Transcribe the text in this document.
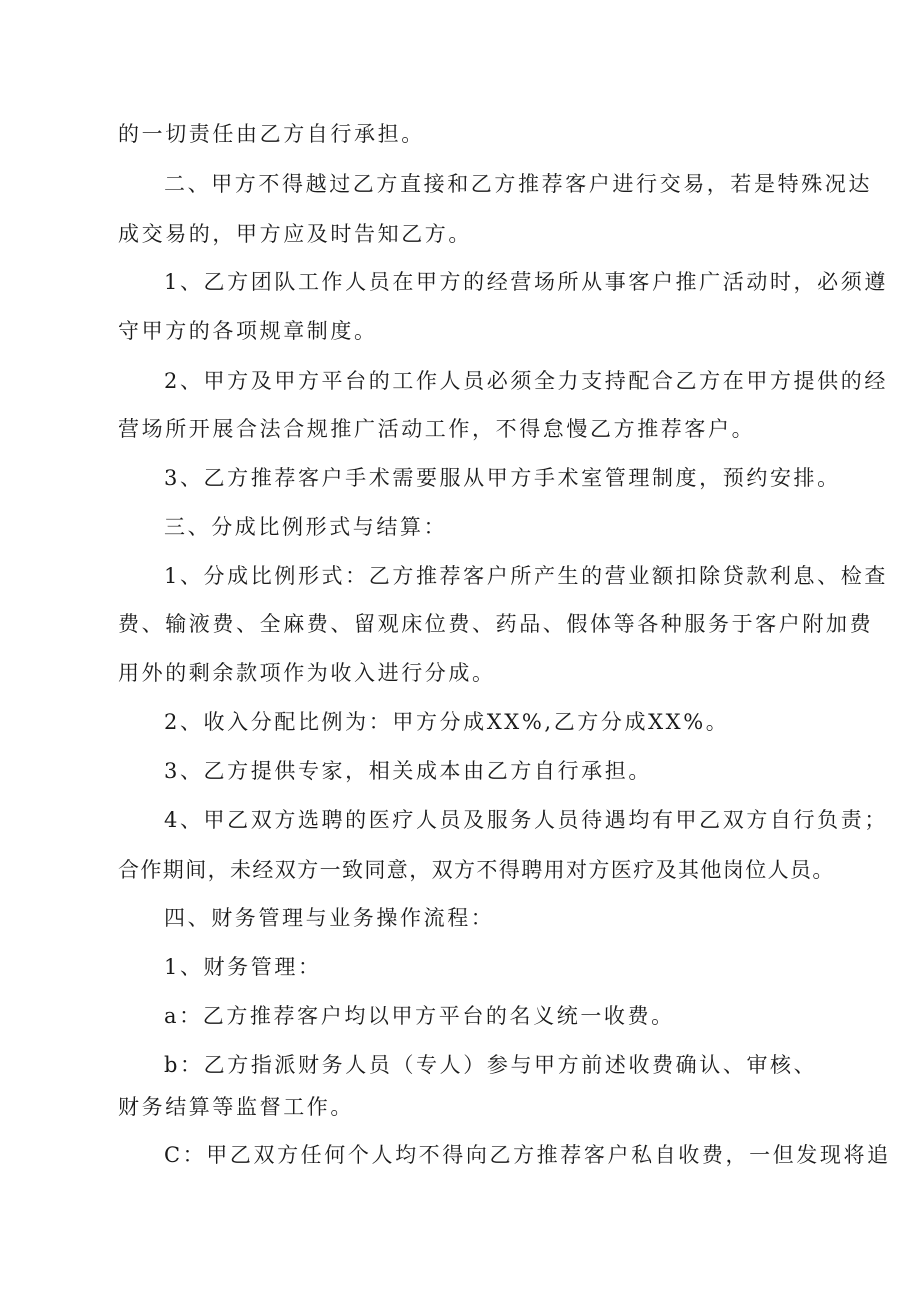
的一切责任由乙方自行承担。
二、甲方不得越过乙方直接和乙方推荐客户进行交易，若是特殊况达
成交易的，甲方应及时告知乙方。
1、乙方团队工作人员在甲方的经营场所从事客户推广活动时，必须遵
守甲方的各项规章制度。
2、甲方及甲方平台的工作人员必须全力支持配合乙方在甲方提供的经
营场所开展合法合规推广活动工作，不得怠慢乙方推荐客户。
3、乙方推荐客户手术需要服从甲方手术室管理制度，预约安排。
三、分成比例形式与结算：
1、分成比例形式：乙方推荐客户所产生的营业额扣除贷款利息、检查
费、输液费、全麻费、留观床位费、药品、假体等各种服务于客户附加费
用外的剩余款项作为收入进行分成。
2、收入分配比例为：甲方分成XX%,乙方分成XX%。
3、乙方提供专家，相关成本由乙方自行承担。
4、甲乙双方选聘的医疗人员及服务人员待遇均有甲乙双方自行负责；
合作期间，未经双方一致同意，双方不得聘用对方医疗及其他岗位人员。
四、财务管理与业务操作流程：
1、财务管理：
a：乙方推荐客户均以甲方平台的名义统一收费。
b：乙方指派财务人员（专人）参与甲方前述收费确认、审核、
财务结算等监督工作。
C：甲乙双方任何个人均不得向乙方推荐客户私自收费，一但发现将追
